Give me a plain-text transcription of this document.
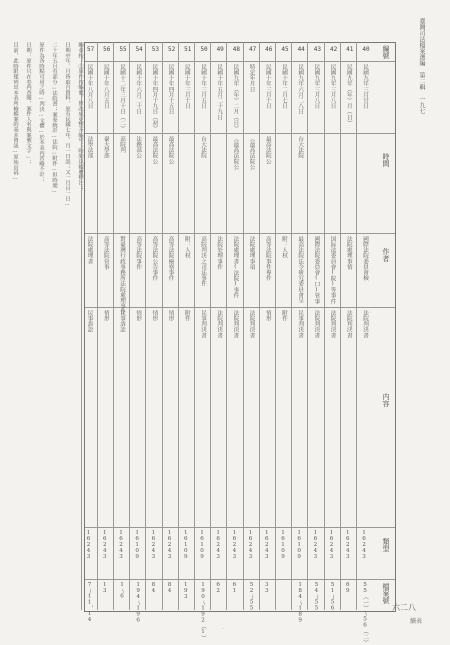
臺灣司法檔案選編　第二輯　一九七
六二八
續表
編者按：①原件按编號，但改成更整齐编号；時間以國曆標注；
日期中年、月皆取自資料，原有民國七年、月一日誤；又一月目一日…
二十年五月有部分…法院書；案卷統計…法院…附件…但時間…
原件為各時點可用之時…判決…文體…於本表内省略不計；
日期：原件只在卷内查閱，案件人名與案號文字…；
目前，此時限僅列出本表所檢檔案的基本資訊…原始页码…	編號
時間
作者
内容
類型
檔案號
40
民國九年三月廿日
國際法院委員會檢
法院判決書
16243
55（一）～56（二）
41
民國九年（年）月（日）
法院處理事情
法院判決書
16243
69
42
民國九年三月八日
国际法委員會(院)等事件
法院判決書
16243
51～56
43
民國九年三月八日
國際法院委員會(口)管事
法院判決書
16243
54～55
44
民國九年六月二八日
台大法院
最高法院法令研究委員會呈
民事判決書
16109
184～189
45
民國十年二月七日
附：人权
附件
16109
46
民國十年三月十日
最高法院公
高等法院事件專件
情形
16243
33
47
特定年月日
（最高法院公
法院處理事項
法院判決書
16243
52～55
48
民國九年（年）二月（日）
（最高法院公
法院處理書(法院)事件
法院判決書
16243
61
49
民國十年五月二十九日
法院处理事件
法院判決書
16243
62
50
民國十年三月五日
台大法院
高院判決之司法事件
民事判決書
16109
190～192（1）
51
民國十年三月十日
附：人权
附件
16109
193
52
民國十年四月十五日
最高法院公
高等法院檢察事件
情形
16243
84
53
民國十年四月十九日（初）
最高法院公
高等法院公告事件
情形
16243
84
54
民國十年六月二十日
法務部公
高等法院事件
情形
16109
194～196
55
民國十二年三月十日（二）
高院判
對臺灣行政事務所法院處理事件
民事訴訟
16243
1～6
56
民國十年八月五日
臺大學部
高等法院管事
情形
16243
13
57
民國十年八月八日
法學法部
法院處理書
民事訴訟
16243
7～11，14
·
